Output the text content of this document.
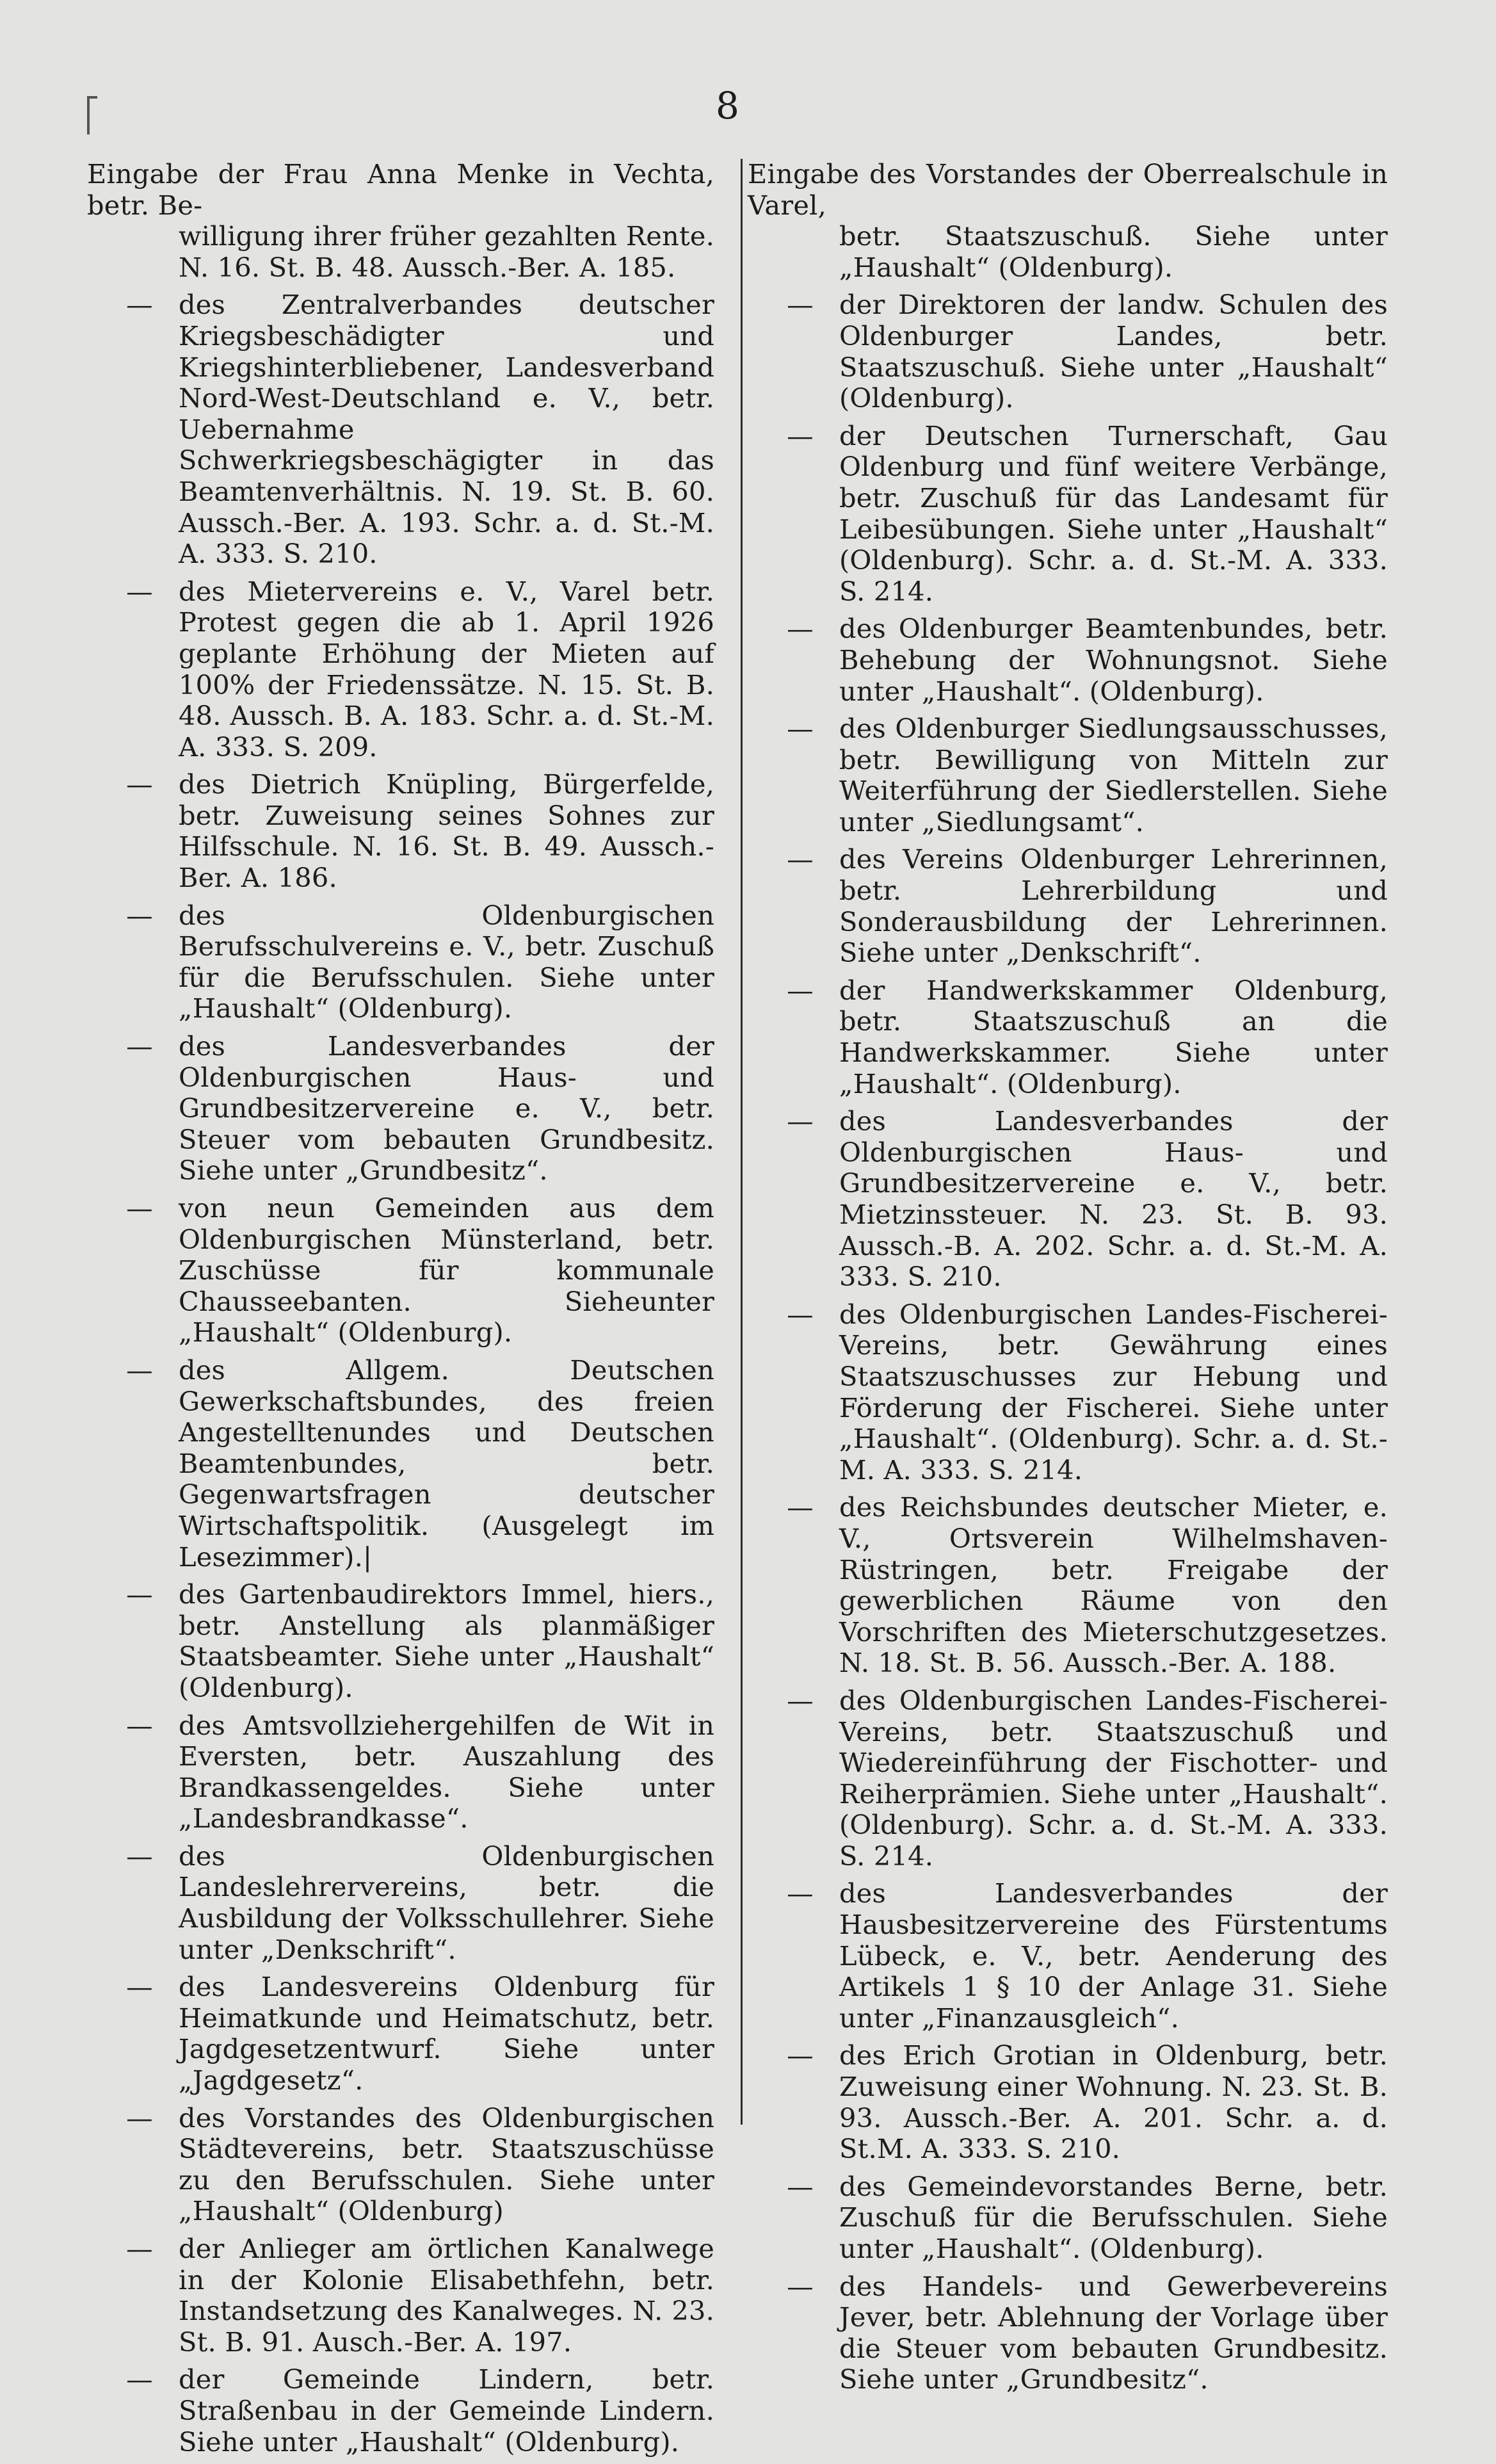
8
Eingabe der Frau Anna Menke in Vechta, betr. Be-
willigung ihrer früher gezahlten Rente. N. 16. St. B. 48. Aussch.-Ber. A. 185.
— des Zentralverbandes deutscher Kriegsbeschädigter und Kriegshinterbliebener, Landesverband Nord-West-Deutschland e. V., betr. Uebernahme Schwerkriegsbeschägigter in das Beamtenverhältnis. N. 19. St. B. 60. Aussch.-Ber. A. 193. Schr. a. d. St.-M. A. 333. S. 210.
— des Mietervereins e. V., Varel betr. Protest gegen die ab 1. April 1926 geplante Erhöhung der Mieten auf 100% der Friedenssätze. N. 15. St. B. 48. Aussch. B. A. 183. Schr. a. d. St.-M. A. 333. S. 209.
— des Dietrich Knüpling, Bürgerfelde, betr. Zuweisung seines Sohnes zur Hilfsschule. N. 16. St. B. 49. Aussch.-Ber. A. 186.
— des Oldenburgischen Berufsschulvereins e. V., betr. Zuschuß für die Berufsschulen. Siehe unter „Haushalt“ (Oldenburg).
— des Landesverbandes der Oldenburgischen Haus- und Grundbesitzervereine e. V., betr. Steuer vom bebauten Grundbesitz. Siehe unter „Grundbesitz“.
— von neun Gemeinden aus dem Oldenburgischen Münsterland, betr. Zuschüsse für kommunale Chausseebanten. Sieheunter „Haushalt“ (Oldenburg).
— des Allgem. Deutschen Gewerkschaftsbundes, des freien Angestelltenundes und Deutschen Beamtenbundes, betr. Gegenwartsfragen deutscher Wirtschaftspolitik. (Ausgelegt im Lesezimmer).|
— des Gartenbaudirektors Immel, hiers., betr. Anstellung als planmäßiger Staatsbeamter. Siehe unter „Haushalt“ (Oldenburg).
— des Amtsvollziehergehilfen de Wit in Eversten, betr. Auszahlung des Brandkassengeldes. Siehe unter „Landesbrandkasse“.
— des Oldenburgischen Landeslehrervereins, betr. die Ausbildung der Volksschullehrer. Siehe unter „Denkschrift“.
— des Landesvereins Oldenburg für Heimatkunde und Heimatschutz, betr. Jagdgesetzentwurf. Siehe unter „Jagdgesetz“.
— des Vorstandes des Oldenburgischen Städtevereins, betr. Staatszuschüsse zu den Berufsschulen. Siehe unter „Haushalt“ (Oldenburg)
— der Anlieger am örtlichen Kanalwege in der Kolonie Elisabethfehn, betr. Instandsetzung des Kanalweges. N. 23. St. B. 91. Ausch.-Ber. A. 197.
— der Gemeinde Lindern, betr. Straßenbau in der Gemeinde Lindern. Siehe unter „Haushalt“ (Oldenburg).
Eingabe des Vorstandes der Oberrealschule in Varel,
betr. Staatszuschuß. Siehe unter „Haushalt“ (Oldenburg).
— der Direktoren der landw. Schulen des Oldenburger Landes, betr. Staatszuschuß. Siehe unter „Haushalt“ (Oldenburg).
— der Deutschen Turnerschaft, Gau Oldenburg und fünf weitere Verbänge, betr. Zuschuß für das Landesamt für Leibesübungen. Siehe unter „Haushalt“ (Oldenburg). Schr. a. d. St.-M. A. 333. S. 214.
— des Oldenburger Beamtenbundes, betr. Behebung der Wohnungsnot. Siehe unter „Haushalt“. (Oldenburg).
— des Oldenburger Siedlungsausschusses, betr. Bewilligung von Mitteln zur Weiterführung der Siedlerstellen. Siehe unter „Siedlungsamt“.
— des Vereins Oldenburger Lehrerinnen, betr. Lehrerbildung und Sonderausbildung der Lehrerinnen. Siehe unter „Denkschrift“.
— der Handwerkskammer Oldenburg, betr. Staatszuschuß an die Handwerkskammer. Siehe unter „Haushalt“. (Oldenburg).
— des Landesverbandes der Oldenburgischen Haus- und Grundbesitzervereine e. V., betr. Mietzinssteuer. N. 23. St. B. 93. Aussch.-B. A. 202. Schr. a. d. St.-M. A. 333. S. 210.
— des Oldenburgischen Landes-Fischerei-Vereins, betr. Gewährung eines Staatszuschusses zur Hebung und Förderung der Fischerei. Siehe unter „Haushalt“. (Oldenburg). Schr. a. d. St.-M. A. 333. S. 214.
— des Reichsbundes deutscher Mieter, e. V., Ortsverein Wilhelmshaven-Rüstringen, betr. Freigabe der gewerblichen Räume von den Vorschriften des Mieterschutzgesetzes. N. 18. St. B. 56. Aussch.-Ber. A. 188.
— des Oldenburgischen Landes-Fischerei-Vereins, betr. Staatszuschuß und Wiedereinführung der Fischotter- und Reiherprämien. Siehe unter „Haushalt“. (Oldenburg). Schr. a. d. St.-M. A. 333. S. 214.
— des Landesverbandes der Hausbesitzervereine des Fürstentums Lübeck, e. V., betr. Aenderung des Artikels 1 § 10 der Anlage 31. Siehe unter „Finanzausgleich“.
— des Erich Grotian in Oldenburg, betr. Zuweisung einer Wohnung. N. 23. St. B. 93. Aussch.-Ber. A. 201. Schr. a. d. St.M. A. 333. S. 210.
— des Gemeindevorstandes Berne, betr. Zuschuß für die Berufsschulen. Siehe unter „Haushalt“. (Oldenburg).
— des Handels- und Gewerbevereins Jever, betr. Ablehnung der Vorlage über die Steuer vom bebauten Grundbesitz. Siehe unter „Grundbesitz“.
